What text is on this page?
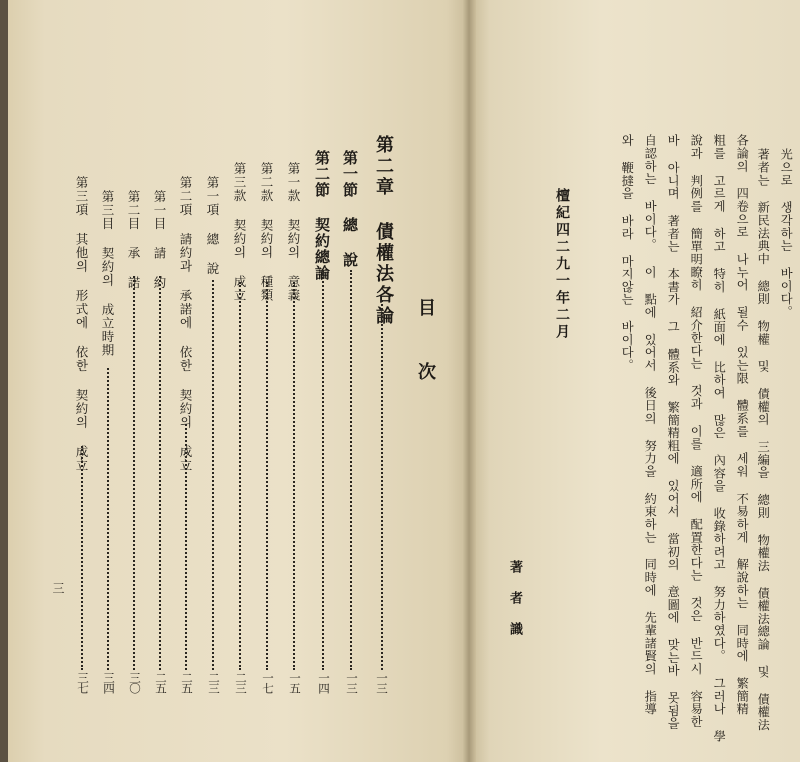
光으로 생각하는 바이다。
著者는 新民法典中 總則 物權 및 債權의 三編을 總則 物權法 債權法總論 및 債權法
各論의 四卷으로 나누어 될수 있는限 體系를 세워 不易하게 解說하는 同時에 繁簡精
粗를 고르게 하고 特히 紙面에 比하여 많은 內容을 收錄하려고 努力하였다。 그러나 學
說과 判例를 簡單明瞭히 紹介한다는 것과 이를 適所에 配置한다는 것은 반드시 容易한
바 아니며 著者는 本書가 그 體系와 繁簡精粗에 있어서 當初의 意圖에 맞는바 못됨을
自認하는 바이다。 이 點에 있어서 後日의 努力을 約束하는 同時에 先輩諸賢의 指導
와 鞭撻을 바라 마지않는 바이다。
檀紀四二九一年二月
著者識
目次
第二章 債權法各論
一三
第一節 總 說
一三
第二節 契約總論
一四
第一款 契約의 意義
一五
第二款 契約의 種類
一七
第三款 契約의 成立
二三
第一項 總 說
二三
第二項 請約과 承諾에 依한 契約의 成立
二五
第一目 請 約
二五
第二目 承 諾
三〇
第三目 契約의 成立時期
三四
第三項 其他의 形式에 依한 契約의 成立
三七
三
